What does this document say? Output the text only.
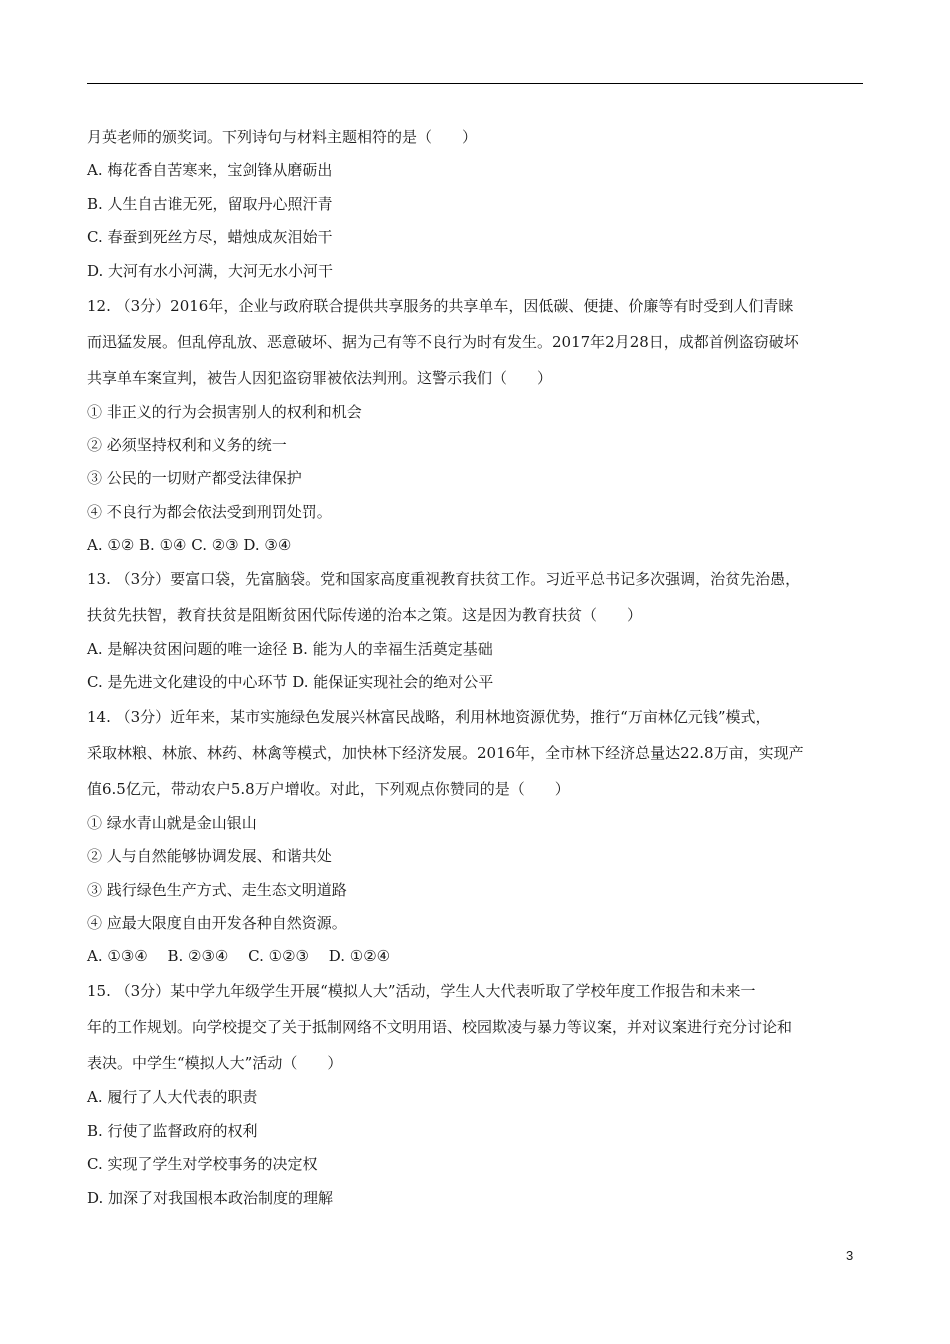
月英老师的颁奖词。下列诗句与材料主题相符的是（　　）
A. 梅花香自苦寒来，宝剑锋从磨砺出
B. 人生自古谁无死，留取丹心照汗青
C. 春蚕到死丝方尽，蜡烛成灰泪始干
D. 大河有水小河满，大河无水小河干
12. （3分）2016年，企业与政府联合提供共享服务的共享单车，因低碳、便捷、价廉等有时受到人们青睐
而迅猛发展。但乱停乱放、恶意破坏、据为己有等不良行为时有发生。2017年2月28日，成都首例盗窃破坏
共享单车案宣判，被告人因犯盗窃罪被依法判刑。这警示我们（　　）
① 非正义的行为会损害别人的权利和机会
② 必须坚持权利和义务的统一
③ 公民的一切财产都受法律保护
④ 不良行为都会依法受到刑罚处罚。
A. ①② B. ①④ C. ②③ D. ③④
13. （3分）要富口袋，先富脑袋。党和国家高度重视教育扶贫工作。习近平总书记多次强调，治贫先治愚，
扶贫先扶智，教育扶贫是阻断贫困代际传递的治本之策。这是因为教育扶贫（　　）
A. 是解决贫困问题的唯一途径 B. 能为人的幸福生活奠定基础
C. 是先进文化建设的中心环节 D. 能保证实现社会的绝对公平
14. （3分）近年来，某市实施绿色发展兴林富民战略，利用林地资源优势，推行“万亩林亿元钱”模式，
采取林粮、林旅、林药、林禽等模式，加快林下经济发展。2016年，全市林下经济总量达22.8万亩，实现产
值6.5亿元，带动农户5.8万户增收。对此，下列观点你赞同的是（　　）
① 绿水青山就是金山银山
② 人与自然能够协调发展、和谐共处
③ 践行绿色生产方式、走生态文明道路
④ 应最大限度自由开发各种自然资源。
A. ①③④　 B. ②③④　 C. ①②③　 D. ①②④
15. （3分）某中学九年级学生开展“模拟人大”活动，学生人大代表听取了学校年度工作报告和未来一
年的工作规划。向学校提交了关于抵制网络不文明用语、校园欺凌与暴力等议案，并对议案进行充分讨论和
表决。中学生“模拟人大”活动（　　）
A. 履行了人大代表的职责
B. 行使了监督政府的权利
C. 实现了学生对学校事务的决定权
D. 加深了对我国根本政治制度的理解
3
